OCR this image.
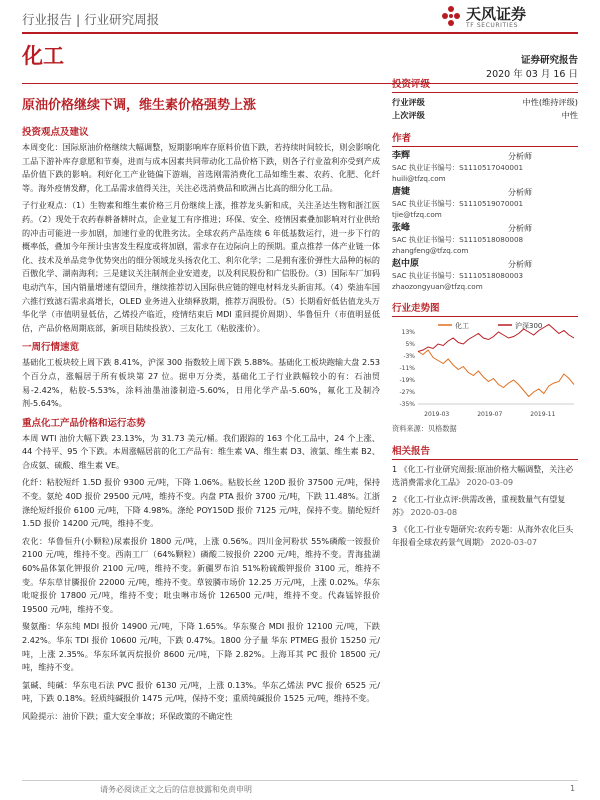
行业报告 | 行业研究周报	天风证券
TF SECURITIES
化工	证券研究报告
2020 年 03 月 16 日
原油价格继续下调，维生素价格强势上涨
投资观点及建议

本周变化：国际原油价格继续大幅调整，短期影响库存原料价值下跌，若持续时间较长，则会影响化工品下游补库存意愿和节奏，进而与成本因素共同带动化工品价格下跌，则各子行业盈利亦受到产成品价值下跌的影响。利好化工产业链偏下游端，首选刚需消费化工品如维生素、农药、化肥、化纤等。海外疫情发酵，化工品需求值得关注，关注必选消费品和欧洲占比高的细分化工品。

子行业观点：（1）生物素和维生素价格三月份继续上涨，推荐龙头新和成，关注圣达生物和浙江医药。（2）现处于农药春耕备耕时点，企业复工有序推进；环保、安全、疫情因素叠加影响对行业供给的冲击可能进一步加剧，加速行业的优胜劣汰。全球农药产品连续 6 年低基数运行，进一步下行的概率低，叠加今年预计虫害发生程度或将加剧，需求存在边际向上的预期。重点推荐一体产业链一体化、技术及单品竞争优势突出的细分领域龙头扬农化工、利尔化学；二是拥有涨价弹性大品种的标的百傲化学、湖南海利；三是建议关注制剂企业安道麦，以及利民股份和广信股份。（3）国际车厂加码电动汽车，国内销量增速有望回升，继续推荐切入国际供应链的锂电材料龙头新宙邦。（4）柴油车国六推行致滤石需求高增长，OLED 业务进入业绩释放期，推荐万润股份。（5）长期看好低估值龙头万华化学（市值明显低估，乙烯投产临近，疫情结束后 MDI 重回提价周期）、华鲁恒升（市值明显低估，产品价格周期底部，新项目陆续投放）、三友化工（粘胶涨价）。

一周行情速览

基础化工板块较上周下跌 8.41%，沪深 300 指数较上周下跌 5.88%。基础化工板块跑输大盘 2.53 个百分点，涨幅居于所有板块第 27 位。据申万分类，基础化工子行业跌幅较小的有：石油贸易-2.42%，粘胶-5.53%，涂料油墨油漆制造-5.60%，日用化学产品-5.60%，氟化工及制冷剂-5.64%。

重点化工产品价格和运行态势

本周 WTI 油价大幅下跌 23.13%，为 31.73 美元/桶。我们跟踪的 163 个化工品中，24 个上涨、44 个持平、95 个下跌。本周涨幅居前的化工产品有：维生素 VA、维生素 D3、液氯、维生素 B2、合成氨、硫酸、维生素 VE。

化纤：粘胶短纤 1.5D 报价 9300 元/吨，下降 1.06%。粘胶长丝 120D 报价 37500 元/吨，保持不变。氨纶 40D 报价 29500 元/吨，维持不变。内盘 PTA 报价 3700 元/吨，下跌 11.48%。江浙涤纶短纤报价 6100 元/吨，下降 4.98%。涤纶 POY150D 报价 7125 元/吨，保持不变。腈纶短纤 1.5D 报价 14200 元/吨，维持不变。

农化：华鲁恒升(小颗粒)尿素报价 1800 元/吨，上涨 0.56%。四川金河粉状 55%磷酸一铵报价 2100 元/吨，维持不变。西南工厂（64%颗粒）磷酸二铵报价 2200 元/吨，维持不变。青海盐湖 60%晶体氯化钾报价 2100 元/吨，维持不变。新疆罗布泊 51%粉硫酸钾报价 3100 元，维持不变。华东草甘膦报价 22000 元/吨，维持不变。草铵膦市场价 12.25 万元/吨，上涨 0.02%。华东吡啶报价 17800 元/吨，维持不变；吡虫啉市场价 126500 元/吨，维持不变。代森锰锌报价 19500 元/吨，维持不变。

聚氨酯：华东纯 MDI 报价 14900 元/吨，下降 1.65%。华东聚合 MDI 报价 12100 元/吨，下跌 2.42%。华东 TDI 报价 10600 元/吨，下跌 0.47%。1800 分子量 华东 PTMEG 报价 15250 元/吨，上涨 2.35%。华东环氧丙烷报价 8600 元/吨，下降 2.82%。上海耳其 PC 报价 18500 元/吨，维持不变。

氯碱、纯碱：华东电石法 PVC 报价 6130 元/吨，上涨 0.13%。华东乙烯法 PVC 报价 6525 元/吨，下跌 0.18%。轻质纯碱报价 1475 元/吨，保持不变；重质纯碱报价 1525 元/吨，维持不变。

风险提示：油价下跌；重大安全事故；环保政策的不确定性

投资评级
行业评级	中性(维持评级)
上次评级	中性
作者
李辉	分析师
SAC 执业证书编号：S1110517040001
huili@tfzq.com
唐婕	分析师
SAC 执业证书编号：S1110519070001
tjie@tfzq.com
张峰	分析师
SAC 执业证书编号：S1110518080008
zhangfeng@tfzq.com
赵中原	分析师
SAC 执业证书编号：S1110518080003
zhaozongyuan@tfzq.com
行业走势图
化工	沪深300
13%
5%
-3%
-11%
-19%
-27%
-35%
2019-03	2019-07	2019-11
资料来源：贝格数据
相关报告

1 《化工-行业研究周报:原油价格大幅调整，关注必选消费需求化工品》 2020-03-09

2 《化工-行业点评:供需改善，重视数量气有望复苏》 2020-03-08

3 《化工-行业专题研究:农药专题：从海外农化巨头年报看全球农药景气周期》 2020-03-07

请务必阅读正文之后的信息披露和免责申明	1
